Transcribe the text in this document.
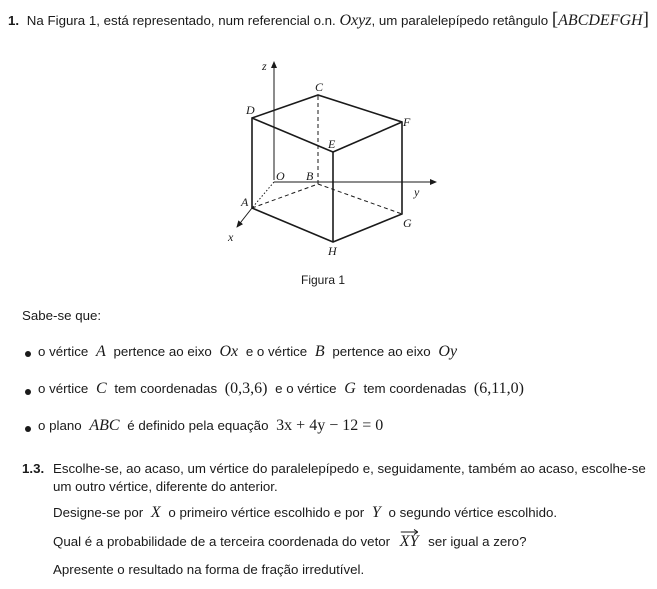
1. Na Figura 1, está representado, num referencial o.n. Oxyz, um paralelepípedo retângulo [ABCDEFGH]
z
y
x
O
A
B
C
D
E
F
G
H
Figura 1
Sabe-se que:
o vértice A pertence ao eixo Ox e o vértice B pertence ao eixo Oy
o vértice C tem coordenadas (0,3,6) e o vértice G tem coordenadas (6,11,0)
o plano ABC é definido pela equação 3x + 4y − 12 = 0
1.3. Escolhe-se, ao acaso, um vértice do paralelepípedo e, seguidamente, também ao acaso, escolhe-se
um outro vértice, diferente do anterior.
Designe-se por X o primeiro vértice escolhido e por Y o segundo vértice escolhido.
Qual é a probabilidade de a terceira coordenada do vetor XY ser igual a zero?
Apresente o resultado na forma de fração irredutível.
